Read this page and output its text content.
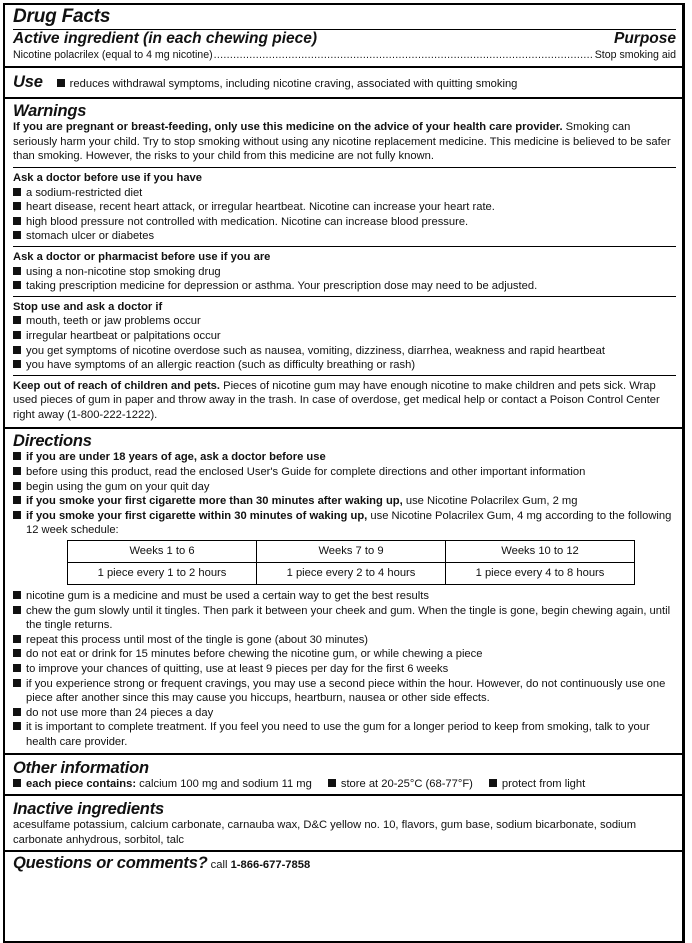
Drug Facts
Active ingredient (in each chewing piece)	Purpose
Nicotine polacrilex (equal to 4 mg nicotine) .....	Stop smoking aid
Use	reduces withdrawal symptoms, including nicotine craving, associated with quitting smoking
Warnings
If you are pregnant or breast-feeding, only use this medicine on the advice of your health care provider. Smoking can seriously harm your child. Try to stop smoking without using any nicotine replacement medicine. This medicine is believed to be safer than smoking. However, the risks to your child from this medicine are not fully known.
Ask a doctor before use if you have
a sodium-restricted diet
heart disease, recent heart attack, or irregular heartbeat. Nicotine can increase your heart rate.
high blood pressure not controlled with medication. Nicotine can increase blood pressure.
stomach ulcer or diabetes
Ask a doctor or pharmacist before use if you are
using a non-nicotine stop smoking drug
taking prescription medicine for depression or asthma. Your prescription dose may need to be adjusted.
Stop use and ask a doctor if
mouth, teeth or jaw problems occur
irregular heartbeat or palpitations occur
you get symptoms of nicotine overdose such as nausea, vomiting, dizziness, diarrhea, weakness and rapid heartbeat
you have symptoms of an allergic reaction (such as difficulty breathing or rash)
Keep out of reach of children and pets. Pieces of nicotine gum may have enough nicotine to make children and pets sick. Wrap used pieces of gum in paper and throw away in the trash. In case of overdose, get medical help or contact a Poison Control Center right away (1-800-222-1222).
Directions
if you are under 18 years of age, ask a doctor before use
before using this product, read the enclosed User's Guide for complete directions and other important information
begin using the gum on your quit day
if you smoke your first cigarette more than 30 minutes after waking up, use Nicotine Polacrilex Gum, 2 mg
if you smoke your first cigarette within 30 minutes of waking up, use Nicotine Polacrilex Gum, 4 mg according to the following 12 week schedule:
Weeks 1 to 6	Weeks 7 to 9	Weeks 10 to 12
1 piece every 1 to 2 hours	1 piece every 2 to 4 hours	1 piece every 4 to 8 hours
nicotine gum is a medicine and must be used a certain way to get the best results
chew the gum slowly until it tingles. Then park it between your cheek and gum. When the tingle is gone, begin chewing again, until the tingle returns.
repeat this process until most of the tingle is gone (about 30 minutes)
do not eat or drink for 15 minutes before chewing the nicotine gum, or while chewing a piece
to improve your chances of quitting, use at least 9 pieces per day for the first 6 weeks
if you experience strong or frequent cravings, you may use a second piece within the hour. However, do not continuously use one piece after another since this may cause you hiccups, heartburn, nausea or other side effects.
do not use more than 24 pieces a day
it is important to complete treatment. If you feel you need to use the gum for a longer period to keep from smoking, talk to your health care provider.
Other information
each piece contains: calcium 100 mg and sodium 11 mg	store at 20-25°C (68-77°F)	protect from light
Inactive ingredients
acesulfame potassium, calcium carbonate, carnauba wax, D&C yellow no. 10, flavors, gum base, sodium bicarbonate, sodium carbonate anhydrous, sorbitol, talc
Questions or comments? call 1-866-677-7858
